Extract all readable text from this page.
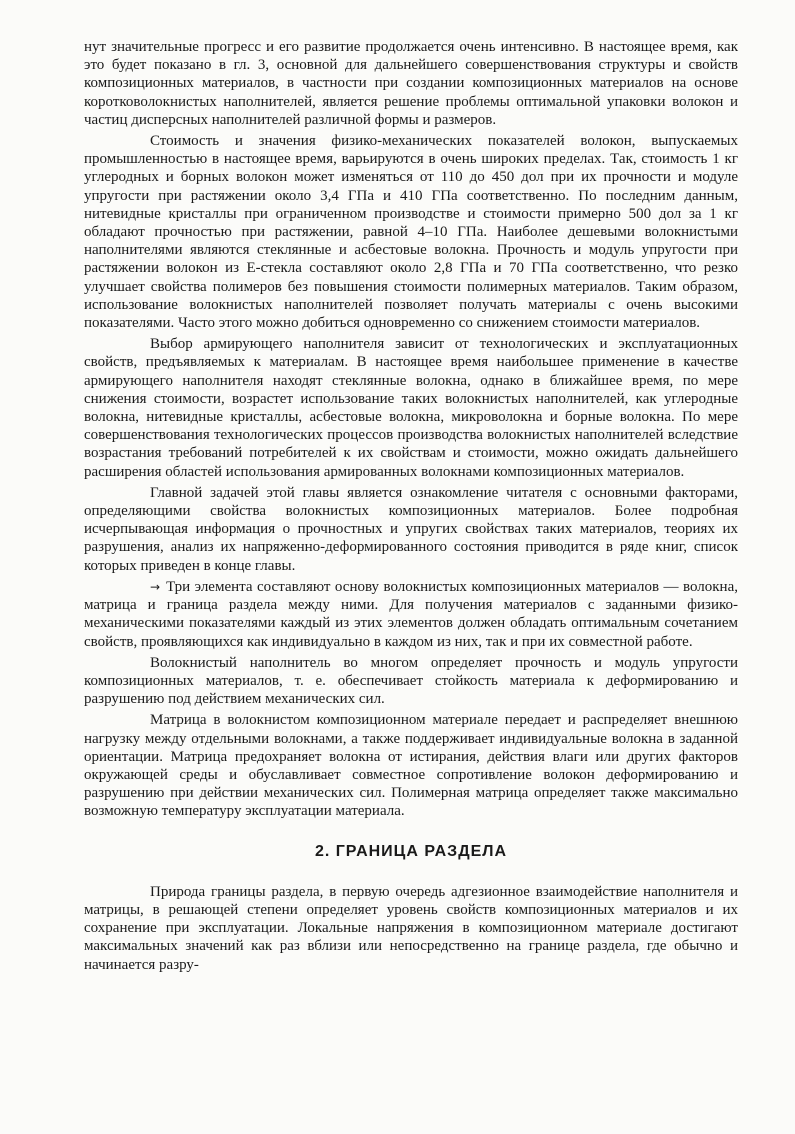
нут значительные прогресс и его развитие продолжается очень интенсивно. В настоящее время, как это будет показано в гл. 3, основной для дальнейшего совершенствования структуры и свойств композиционных материалов, в частности при создании композиционных материалов на основе коротковолокнистых наполнителей, является решение проблемы оптимальной упаковки волокон и частиц дисперсных наполнителей различной формы и размеров.

Стоимость и значения физико-механических показателей волокон, выпускаемых промышленностью в настоящее время, варьируются в очень широких пределах. Так, стоимость 1 кг углеродных и борных волокон может изменяться от 110 до 450 дол при их прочности и модуле упругости при растяжении около 3,4 ГПа и 410 ГПа соответственно. По последним данным, нитевидные кристаллы при ограниченном производстве и стоимости примерно 500 дол за 1 кг обладают прочностью при растяжении, равной 4–10 ГПа. Наиболее дешевыми волокнистыми наполнителями являются стеклянные и асбестовые волокна. Прочность и модуль упругости при растяжении волокон из Е-стекла составляют около 2,8 ГПа и 70 ГПа соответственно, что резко улучшает свойства полимеров без повышения стоимости полимерных материалов. Таким образом, использование волокнистых наполнителей позволяет получать материалы с очень высокими показателями. Часто этого можно добиться одновременно со снижением стоимости материалов.

Выбор армирующего наполнителя зависит от технологических и эксплуатационных свойств, предъявляемых к материалам. В настоящее время наибольшее применение в качестве армирующего наполнителя находят стеклянные волокна, однако в ближайшее время, по мере снижения стоимости, возрастет использование таких волокнистых наполнителей, как углеродные волокна, нитевидные кристаллы, асбестовые волокна, микроволокна и борные волокна. По мере совершенствования технологических процессов производства волокнистых наполнителей вследствие возрастания требований потребителей к их свойствам и стоимости, можно ожидать дальнейшего расширения областей использования армированных волокнами композиционных материалов.

Главной задачей этой главы является ознакомление читателя с основными факторами, определяющими свойства волокнистых композиционных материалов. Более подробная исчерпывающая информация о прочностных и упругих свойствах таких материалов, теориях их разрушения, анализ их напряженно-деформированного состояния приводится в ряде книг, список которых приведен в конце главы.

→ Три элемента составляют основу волокнистых композиционных материалов — волокна, матрица и граница раздела между ними. Для получения материалов с заданными физико-механическими показателями каждый из этих элементов должен обладать оптимальным сочетанием свойств, проявляющихся как индивидуально в каждом из них, так и при их совместной работе.

Волокнистый наполнитель во многом определяет прочность и модуль упругости композиционных материалов, т. е. обеспечивает стойкость материала к деформированию и разрушению под действием механических сил.

Матрица в волокнистом композиционном материале передает и распределяет внешнюю нагрузку между отдельными волокнами, а также поддерживает индивидуальные волокна в заданной ориентации. Матрица предохраняет волокна от истирания, действия влаги или других факторов окружающей среды и обуславливает совместное сопротивление волокон деформированию и разрушению при действии механических сил. Полимерная матрица определяет также максимально возможную температуру эксплуатации материала.

2. ГРАНИЦА РАЗДЕЛА

Природа границы раздела, в первую очередь адгезионное взаимодействие наполнителя и матрицы, в решающей степени определяет уровень свойств композиционных материалов и их сохранение при эксплуатации. Локальные напряжения в композиционном материале достигают максимальных значений как раз вблизи или непосредственно на границе раздела, где обычно и начинается разру-
